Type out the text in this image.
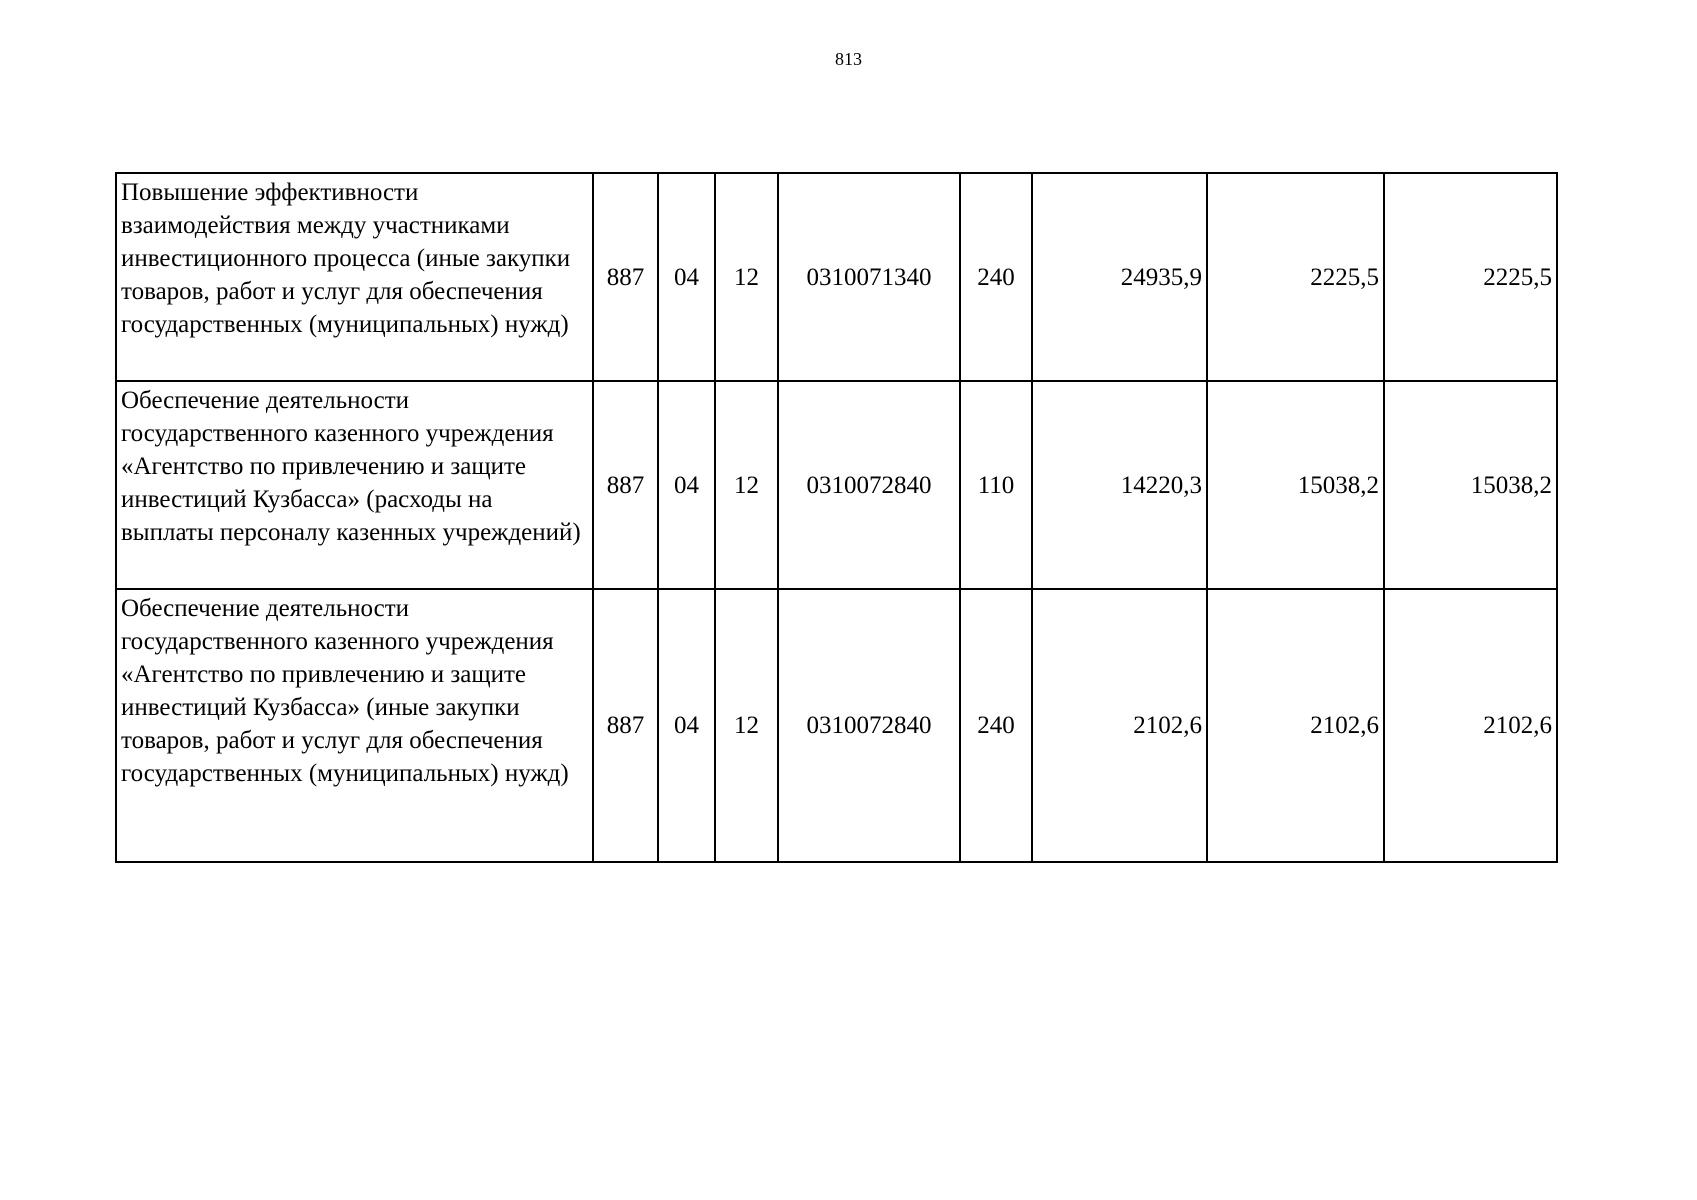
813
Повышение эффективности взаимодействия между участниками инвестиционного процесса (иные закупки товаров, работ и услуг для обеспечения государственных (муниципальных) нужд)	887	04	12	0310071340	240	24935,9	2225,5	2225,5
Обеспечение деятельности государственного казенного учреждения «Агентство по привлечению и защите инвестиций Кузбасса» (расходы на выплаты персоналу казенных учреждений)	887	04	12	0310072840	110	14220,3	15038,2	15038,2
Обеспечение деятельности государственного казенного учреждения «Агентство по привлечению и защите инвестиций Кузбасса» (иные закупки товаров, работ и услуг для обеспечения государственных (муниципальных) нужд)	887	04	12	0310072840	240	2102,6	2102,6	2102,6
